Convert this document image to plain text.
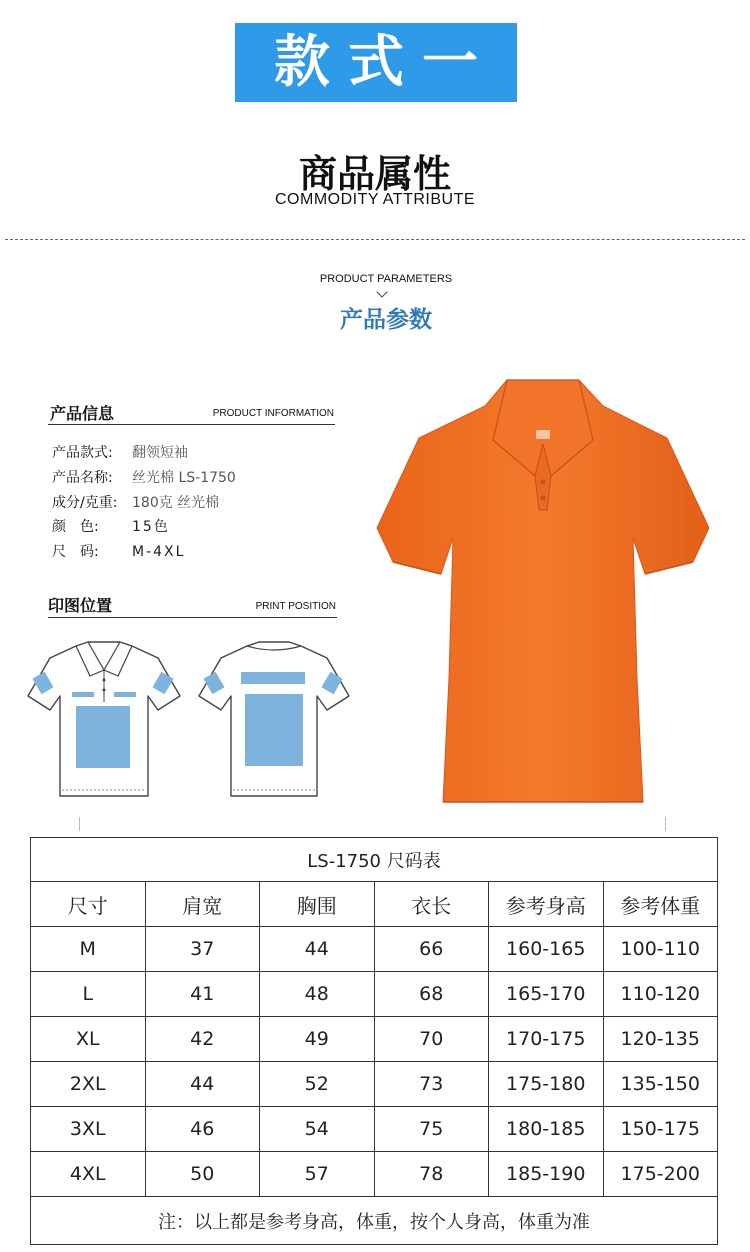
款式一
商品属性
COMMODITY ATTRIBUTE
PRODUCT PARAMETERS
产品参数
产品信息	PRODUCT INFORMATION
产品款式: 翻领短袖
产品名称: 丝光棉 LS-1750
成分/克重: 180克 丝光棉
颜　色: 15色
尺　码: M-4XL
印图位置	PRINT POSITION
LS-1750 尺码表					
尺寸	肩宽	胸围	衣长	参考身高	参考体重
M	37	44	66	160-165	100-110
L	41	48	68	165-170	110-120
XL	42	49	70	170-175	120-135
2XL	44	52	73	175-180	135-150
3XL	46	54	75	180-185	150-175
4XL	50	57	78	185-190	175-200
注：以上都是参考身高，体重，按个人身高，体重为准					
